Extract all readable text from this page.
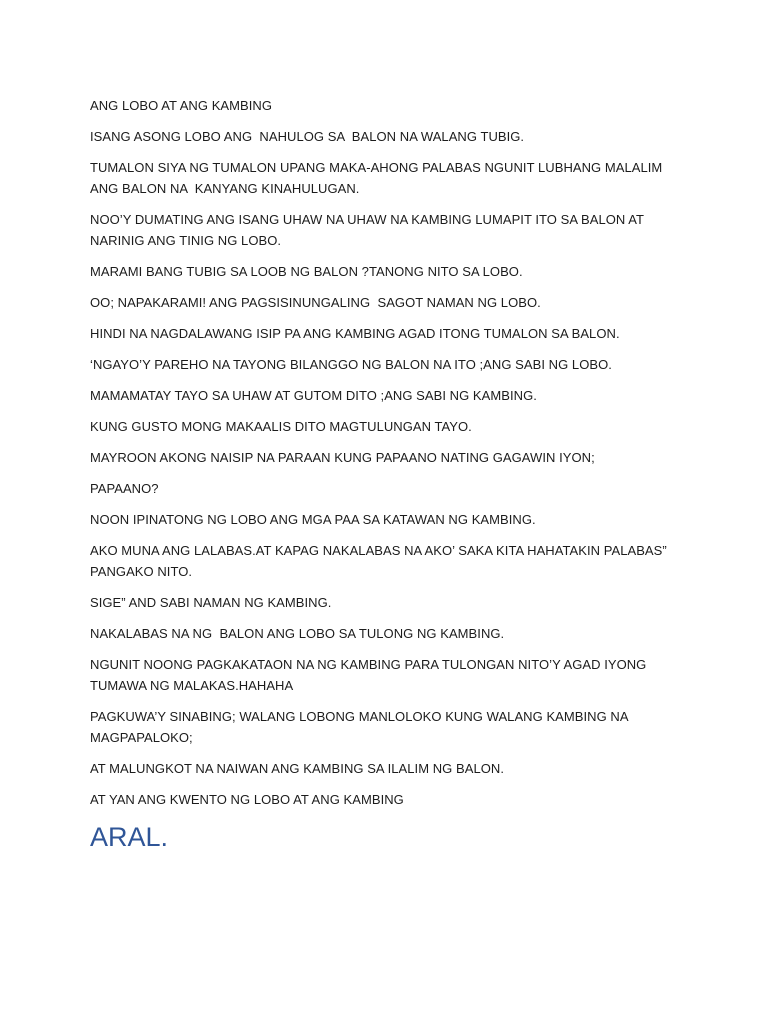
ANG LOBO AT ANG KAMBING

ISANG ASONG LOBO ANG  NAHULOG SA  BALON NA WALANG TUBIG.

TUMALON SIYA NG TUMALON UPANG MAKA-AHONG PALABAS NGUNIT LUBHANG MALALIM ANG BALON NA  KANYANG KINAHULUGAN.

NOO’Y DUMATING ANG ISANG UHAW NA UHAW NA KAMBING LUMAPIT ITO SA BALON AT NARINIG ANG TINIG NG LOBO.

MARAMI BANG TUBIG SA LOOB NG BALON ?TANONG NITO SA LOBO.

OO; NAPAKARAMI! ANG PAGSISINUNGALING  SAGOT NAMAN NG LOBO.

HINDI NA NAGDALAWANG ISIP PA ANG KAMBING AGAD ITONG TUMALON SA BALON.

‘NGAYO’Y PAREHO NA TAYONG BILANGGO NG BALON NA ITO ;ANG SABI NG LOBO.

MAMAMATAY TAYO SA UHAW AT GUTOM DITO ;ANG SABI NG KAMBING.

KUNG GUSTO MONG MAKAALIS DITO MAGTULUNGAN TAYO.

MAYROON AKONG NAISIP NA PARAAN KUNG PAPAANO NATING GAGAWIN IYON;

PAPAANO?

NOON IPINATONG NG LOBO ANG MGA PAA SA KATAWAN NG KAMBING.

AKO MUNA ANG LALABAS.AT KAPAG NAKALABAS NA AKO’ SAKA KITA HAHATAKIN PALABAS” PANGAKO NITO.

SIGE” AND SABI NAMAN NG KAMBING.

NAKALABAS NA NG  BALON ANG LOBO SA TULONG NG KAMBING.

NGUNIT NOONG PAGKAKATAON NA NG KAMBING PARA TULONGAN NITO’Y AGAD IYONG TUMAWA NG MALAKAS.HAHAHA

PAGKUWA’Y SINABING; WALANG LOBONG MANLOLOKO KUNG WALANG KAMBING NA MAGPAPALOKO;

AT MALUNGKOT NA NAIWAN ANG KAMBING SA ILALIM NG BALON.

AT YAN ANG KWENTO NG LOBO AT ANG KAMBING

ARAL.
